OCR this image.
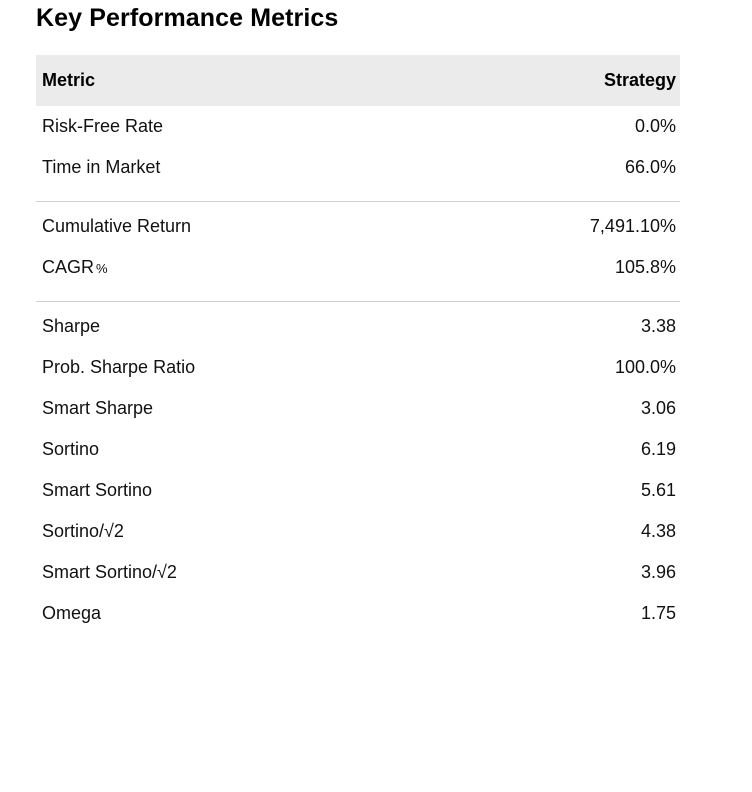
Key Performance Metrics
Metric	Strategy
Risk-Free Rate	0.0%
Time in Market	66.0%

Cumulative Return	7,491.10%
CAGR %	105.8%

Sharpe	3.38
Prob. Sharpe Ratio	100.0%
Smart Sharpe	3.06
Sortino	6.19
Smart Sortino	5.61
Sortino/√2	4.38
Smart Sortino/√2	3.96
Omega	1.75
